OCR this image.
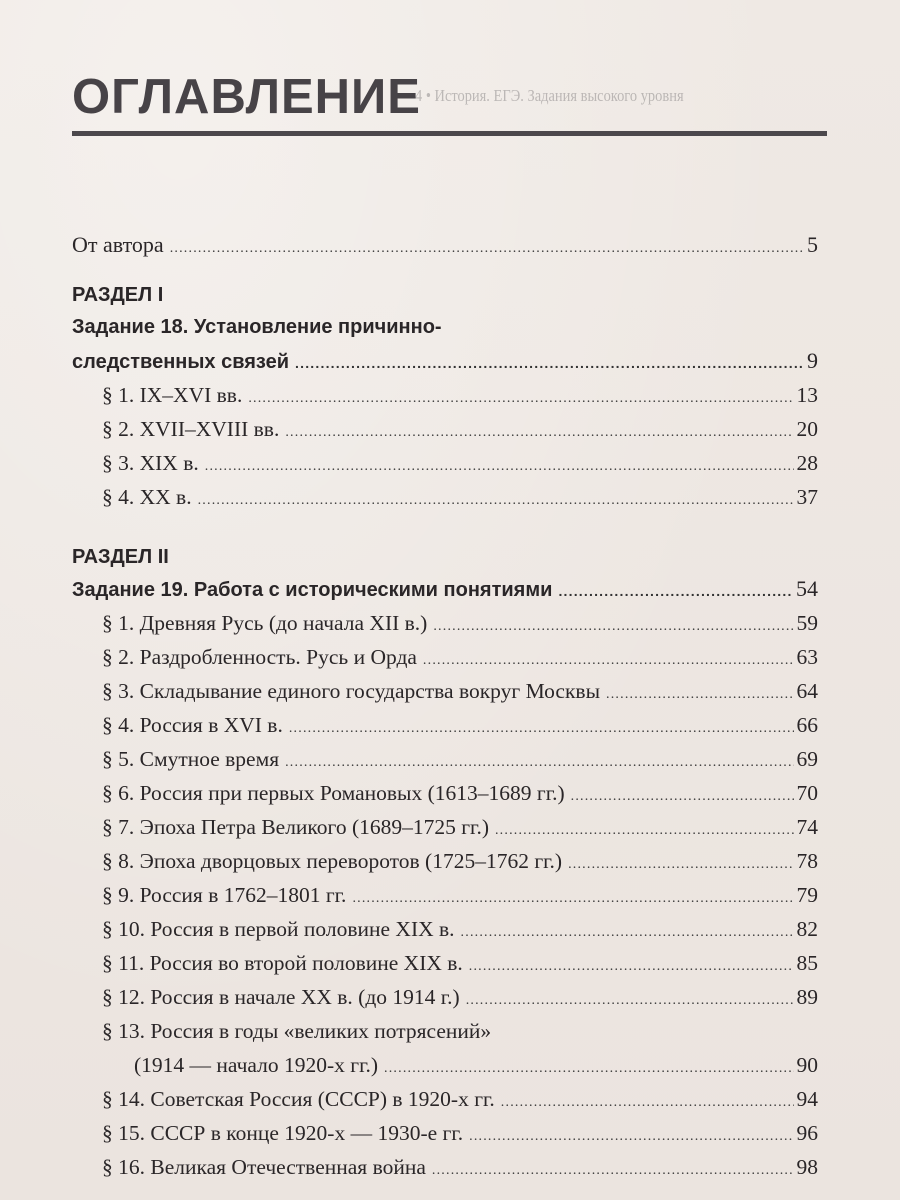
4 • История. ЕГЭ. Задания высокого уровня
ОГЛАВЛЕНИЕ
От автора .....	5
РАЗДЕЛ I
Задание 18. Установление причинно-
следственных связей .....	9
§ 1. IX–XVI вв. .....	13
§ 2. XVII–XVIII вв. .....	20
§ 3. XIX в. .....	28
§ 4. XX в. .....	37
РАЗДЕЛ II
Задание 19. Работа с историческими понятиями .....	54
§ 1. Древняя Русь (до начала XII в.) .....	59
§ 2. Раздробленность. Русь и Орда .....	63
§ 3. Складывание единого государства вокруг Москвы .....	64
§ 4. Россия в XVI в. .....	66
§ 5. Смутное время .....	69
§ 6. Россия при первых Романовых (1613–1689 гг.) .....	70
§ 7. Эпоха Петра Великого (1689–1725 гг.) .....	74
§ 8. Эпоха дворцовых переворотов (1725–1762 гг.) .....	78
§ 9. Россия в 1762–1801 гг. .....	79
§ 10. Россия в первой половине XIX в. .....	82
§ 11. Россия во второй половине XIX в. .....	85
§ 12. Россия в начале XX в. (до 1914 г.) .....	89
§ 13. Россия в годы «великих потрясений»
(1914 — начало 1920-х гг.) .....	90
§ 14. Советская Россия (СССР) в 1920-х гг. .....	94
§ 15. СССР в конце 1920-х — 1930-е гг. .....	96
§ 16. Великая Отечественная война .....	98
